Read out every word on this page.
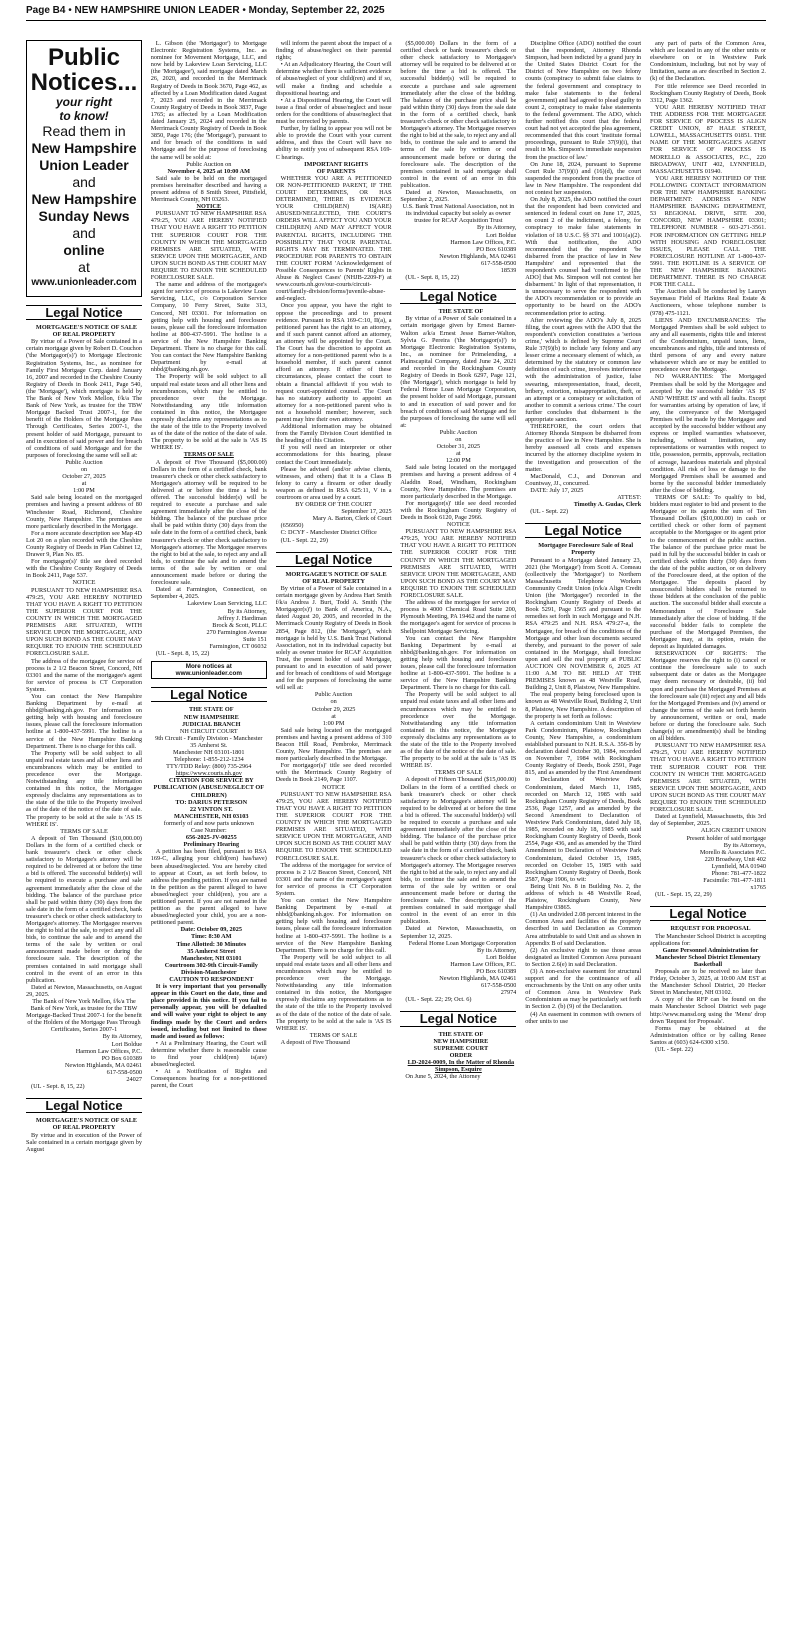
Page B4 • NEW HAMPSHIRE UNION LEADER • Monday, September 22, 2025
Public
Notices...
your right
to know!
Read them in
New Hampshire
Union Leader
and
New Hampshire
Sunday News
and
online
at
www.unionleader.com
Legal Notice

MORTGAGEE'S NOTICE OF SALE OF REAL PROPERTY

By virtue of a Power of Sale contained in a certain mortgage given by Robert D. Couchon ('the Mortgagor(s)') to Mortgage Electronic Registration Systems, Inc., as nominee for Family First Mortgage Corp. dated January 16, 2007 and recorded in the Cheshire County Registry of Deeds in Book 2411, Page 540, (the 'Mortgage'), which mortgage is held by The Bank of New York Mellon, f/k/a The Bank of New York, as trustee for the TBW Mortgage Backed Trust 2007-1, for the benefit of the Holders of the Mortgage Pass Through Certificates, Series 2007-1, the present holder of said Mortgage, pursuant to and in execution of said power and for breach of conditions of said Mortgage and for the purposes of foreclosing the same will sell at:

Public Auction

on

October 27, 2025

at

1:00 PM

Said sale being located on the mortgaged premises and having a present address of 80 Winchester Road, Richmond, Cheshire County, New Hampshire. The premises are more particularly described in the Mortgage.

For a more accurate description see Map 4D Lot 20 on a plan recorded with the Cheshire County Registry of Deeds in Plan Cabinet 12, Drawer 9, Plan No. 85.

For mortgagor(s)' title see deed recorded with the Cheshire County Registry of Deeds in Book 2411, Page 537.

NOTICE

PURSUANT TO NEW HAMPSHIRE RSA 479:25, YOU ARE HEREBY NOTIFIED THAT YOU HAVE A RIGHT TO PETITION THE SUPERIOR COURT FOR THE COUNTY IN WHICH THE MORTGAGED PREMISES ARE SITUATED, WITH SERVICE UPON THE MORTGAGEE, AND UPON SUCH BOND AS THE COURT MAY REQUIRE TO ENJOIN THE SCHEDULED FORECLOSURE SALE.

The address of the mortgagee for service of process is 2 1/2 Beacon Street, Concord, NH 03301 and the name of the mortgagee's agent for service of process is CT Corporation System.

You can contact the New Hampshire Banking Department by e-mail at nhbd@banking.nh.gov. For information on getting help with housing and foreclosure issues, please call the foreclosure information hotline at 1-800-437-5991. The hotline is a service of the New Hampshire Banking Department. There is no charge for this call.

The Property will be sold subject to all unpaid real estate taxes and all other liens and encumbrances which may be entitled to precedence over the Mortgage. Notwithstanding any title information contained in this notice, the Mortgagee expressly disclaims any representations as to the state of the title to the Property involved as of the date of the notice of the date of sale. The property to be sold at the sale is 'AS IS WHERE IS'.

TERMS OF SALE

A deposit of Ten Thousand ($10,000.00) Dollars in the form of a certified check or bank treasurer's check or other check satisfactory to Mortgagee's attorney will be required to be delivered at or before the time a bid is offered. The successful bidder(s) will be required to execute a purchase and sale agreement immediately after the close of the bidding. The balance of the purchase price shall be paid within thirty (30) days from the sale date in the form of a certified check, bank treasurer's check or other check satisfactory to Mortgagee's attorney. The Mortgagee reserves the right to bid at the sale, to reject any and all bids, to continue the sale and to amend the terms of the sale by written or oral announcement made before or during the foreclosure sale. The description of the premises contained in said mortgage shall control in the event of an error in this publication.

Dated at Newton, Massachusetts, on August 29, 2025.

The Bank of New York Mellon, f/k/a The Bank of New York, as trustee for the TBW Mortgage-Backed Trust 2007-1 for the benefit of the Holders of the Mortgage Pass Through Certificates, Series 2007-1

By its Attorney,

Lori Boldue

Harmon Law Offices, P.C.

PO Box 610389

Newton Highlands, MA 02461

617-558-0500

24027

(UL - Sept. 8, 15, 22)

Legal Notice

MORTGAGEE'S NOTICE OF SALE OF REAL PROPERTY

By virtue and in execution of the Power of Sale contained in a certain mortgage given by August

L. Gibson (the 'Mortgagor') to Mortgage Electronic Registration Systems, Inc. as nominee for Movement Mortgage, LLC, and now held by Lakeview Loan Servicing, LLC (the 'Mortgagee'), said mortgage dated March 26, 2020, and recorded in the Merrimack Registry of Deeds in Book 3670, Page 462, as affected by a Loan Modification dated August 7, 2023 and recorded in the Merrimack County Registry of Deeds in Book 3837, Page 1765; as affected by a Loan Modification dated January 25, 2024 and recorded in the Merrimack County Registry of Deeds in Book 3850, Page 176; (the 'Mortgage'), pursuant to and for breach of the conditions in said Mortgage and for the purpose of foreclosing the same will be sold at:

Public Auction on

November 4, 2025 at 10:00 AM

Said sale to be held on the mortgaged premises hereinafter described and having a present address of 8 Smith Street, Pittsfield, Merrimack County, NH 03263.

NOTICE

PURSUANT TO NEW HAMPSHIRE RSA 479:25, YOU ARE HEREBY NOTIFIED THAT YOU HAVE A RIGHT TO PETITION THE SUPERIOR COURT FOR THE COUNTY IN WHICH THE MORTGAGED PREMISES ARE SITUATED, WITH SERVICE UPON THE MORTGAGEE, AND UPON SUCH BOND AS THE COURT MAY REQUIRE TO ENJOIN THE SCHEDULED FORECLOSURE SALE.

The name and address of the mortgagee's agent for service of process is Lakeview Loan Servicing, LLC, c/o Corporation Service Company, 10 Ferry Street, Suite 313, Concord, NH 03301. For information on getting help with housing and foreclosure issues, please call the foreclosure information hotline at 800-437-5991. The hotline is a service of the New Hampshire Banking Department. There is no charge for this call. You can contact the New Hampshire Banking Department by e-mail at nhbd@banking.nh.gov.

The Property will be sold subject to all unpaid real estate taxes and all other liens and encumbrances, which may be entitled to precedence over the Mortgage. Notwithstanding any title information contained in this notice, the Mortgagee expressly disclaims any representations as to the state of the title to the Property involved as of the date of the notice of the date of sale. The property to be sold at the sale is 'AS IS WHERE IS'.

TERMS OF SALE

A deposit of Five Thousand ($5,000.00) Dollars in the form of a certified check, bank treasurer's check or other check satisfactory to Mortgagee's attorney will be required to be delivered at or before the time a bid is offered. The successful bidder(s) will be required to execute a purchase and sale agreement immediately after the close of the bidding. The balance of the purchase price shall be paid within thirty (30) days from the sale date in the form of a certified check, bank treasurer's check or other check satisfactory to Mortgagee's attorney. The Mortgagee reserves the right to bid at the sale, to reject any and all bids, to continue the sale and to amend the terms of the sale by written or oral announcement made before or during the foreclosure sale.

Dated at Farmington, Connecticut, on September 4, 2025.

Lakeview Loan Servicing, LLC

By its Attorney,

Jeffrey J. Hardiman

Brock & Scott, PLLC

270 Farmington Avenue

Suite 151

Farmington, CT 06032

(UL - Sept. 8, 15, 22)

More notices at www.unionleader.com
Legal Notice

THE STATE OF

NEW HAMPSHIRE

JUDICIAL BRANCH

NH CIRCUIT COURT

9th Circuit - Family Division - Manchester

35 Amherst St.

Manchester NH 03101-1801

Telephone: 1-855-212-1234

TTY/TDD Relay: (800) 735-2964

https://www.courts.nh.gov

CITATION FOR SERVICE BY PUBLICATION (ABUSE/NEGLECT OF CHILDREN)

TO: DARIUS PETERSON

22 VINTON ST.

MANCHESTER, NH 03103

formerly of and now parts unknown

Case Number:

656-2025-JV-00255

Preliminary Hearing

A petition has been filed, pursuant to RSA 169-C, alleging your child(ren) has/have) been abused/neglected. You are hereby cited to appear at Court, as set forth below, to address the pending petition. If you are named in the petition as the parent alleged to have abused/neglect your child(ren), you are a petitioned parent. If you are not named in the petition as the parent alleged to have abused/neglected your child, you are a non-petitioned parent.

Date: October 09, 2025

Time: 8:30 AM

Time Allotted: 30 Minutes

35 Amherst Street

Manchester, NH 03101

Courtroom 302-9th Circuit-Family Division-Manchester

CAUTION TO RESPONDENT

It is very important that you personally appear in this Court on the date, time and place provided in this notice. If you fail to personally appear, you will be defaulted and will waive your right to object to any findings made by the Court and orders issued, including but not limited to those made and issued as follows:

• At a Preliminary Hearing, the Court will determine whether there is reasonable cause to find your child(ren) is(are) abused/neglected.

• At a Notification of Rights and Consequences hearing for a non-petitioned parent, the Court

will inform the parent about the impact of a finding of abuse/neglect on their parental rights;

• At an Adjudicatory Hearing, the Court will determine whether there is sufficient evidence of abuse/neglect of your child(ren) and if so, will make a finding and schedule a dispositional hearing; and

• At a Dispositional Hearing, the Court will issue a final order of abuse/neglect and issue orders for the conditions of abuse/neglect that must be corrected by parents.

Further, by failing to appear you will not be able to provide the Court with your current address, and thus the Court will have no ability to notify you of subsequent RSA 169-C hearings.

IMPORTANT RIGHTS

OF PARENTS

WHETHER YOU ARE A PETITIONED OR NON-PETITIONED PARENT, IF THE COURT DETERMINES, OR HAS DETERMINED, THERE IS EVIDENCE YOUR CHILD(REN) IS(ARE) ABUSED/NEGLECTED, THE COURT'S ORDERS WILL AFFECT YOU AND YOUR CHILD(REN) AND MAY AFFECT YOUR PARENTAL RIGHTS, INCLUDING THE POSSIBILITY THAT YOUR PARENTAL RIGHTS MAY BE TERMINATED. THE PROCEDURE FOR PARENTS TO OBTAIN THE COURT FORM 'Acknowledgement of Possible Consequences to Parents' Rights in Abuse & Neglect Cases' (NHJB-2209-F) at www.courts.nh.gov/our-courts/circuit-court/family-division/forms/juvenile-abuse-and-neglect.

Once you appear, you have the right to oppose the proceedings and to present evidence. Pursuant to RSA 169-C:10, II(a), a petitioned parent has the right to an attorney, and if such parent cannot afford an attorney, an attorney will be appointed by the Court. The Court has the discretion to appoint an attorney for a non-petitioned parent who is a household member, if such parent cannot afford an attorney. If either of these circumstances, please contact the court to obtain a financial affidavit if you wish to request court-appointed counsel. The Court has no statutory authority to appoint an attorney for a non-petitioned parent who is not a household member; however, such parent may hire their own attorney.

Additional information may be obtained from the Family Division Court identified in the heading of this Citation.

If you will need an interpreter or other accommodations for this hearing, please contact the Court immediately.

Please be advised (and/or advise clients, witnesses, and others) that it is a Class B felony to carry a firearm or other deadly weapon as defined in RSA 625:11, V in a courtroom or area used by a court.

BY ORDER OF THE COURT

September 17, 2025

Mary A. Barton, Clerk of Court

(656950)

C: DCYF - Manchester District Office

(UL - Sept. 22, 29)

Legal Notice

MORTGAGEE'S NOTICE OF SALE OF REAL PROPERTY

By virtue of a Power of Sale contained in a certain mortgage given by Andrea Hart Smith f/k/a Andrea J. Burt, Todd A. Smith ('the Mortgagor(s)') to Bank of America, N.A., dated August 20, 2005, and recorded in the Merrimack County Registry of Deeds in Book 2854, Page 812, (the 'Mortgage'), which mortgage is held by U.S. Bank Trust National Association, not in its individual capacity but solely as owner trustee for RCAF Acquisition Trust, the present holder of said Mortgage, pursuant to and in execution of said power and for breach of conditions of said Mortgage and for the purposes of foreclosing the same will sell at:

Public Auction

on

October 29, 2025

at

1:00 PM

Said sale being located on the mortgaged premises and having a present address of 310 Beacon Hill Road, Pembroke, Merrimack County, New Hampshire. The premises are more particularly described in the Mortgage.

For mortgagor(s)' title see deed recorded with the Merrimack County Registry of Deeds in Book 2149, Page 1107.

NOTICE

PURSUANT TO NEW HAMPSHIRE RSA 479:25, YOU ARE HEREBY NOTIFIED THAT YOU HAVE A RIGHT TO PETITION THE SUPERIOR COURT FOR THE COUNTY IN WHICH THE MORTGAGED PREMISES ARE SITUATED, WITH SERVICE UPON THE MORTGAGEE, AND UPON SUCH BOND AS THE COURT MAY REQUIRE TO ENJOIN THE SCHEDULED FORECLOSURE SALE.

The address of the mortgagee for service of process is 2 1/2 Beacon Street, Concord, NH 03301 and the name of the mortgagee's agent for service of process is CT Corporation System.

You can contact the New Hampshire Banking Department by e-mail at nhbd@banking.nh.gov. For information on getting help with housing and foreclosure issues, please call the foreclosure information hotline at 1-800-437-5991. The hotline is a service of the New Hampshire Banking Department. There is no charge for this call.

The Property will be sold subject to all unpaid real estate taxes and all other liens and encumbrances which may be entitled to precedence over the Mortgage. Notwithstanding any title information contained in this notice, the Mortgagee expressly disclaims any representations as to the state of the title to the Property involved as of the date of the notice of the date of sale. The property to be sold at the sale is 'AS IS WHERE IS'.

TERMS OF SALE

A deposit of Five Thousand

($5,000.00) Dollars in the form of a certified check or bank treasurer's check or other check satisfactory to Mortgagee's attorney will be required to be delivered at or before the time a bid is offered. The successful bidder(s) will be required to execute a purchase and sale agreement immediately after the close of the bidding. The balance of the purchase price shall be paid within thirty (30) days from the sale date in the form of a certified check, bank treasurer's check or other check satisfactory to Mortgagee's attorney. The Mortgagee reserves the right to bid at the sale, to reject any and all bids, to continue the sale and to amend the terms of the sale by written or oral announcement made before or during the foreclosure sale. The description of the premises contained in said mortgage shall control in the event of an error in this publication.

Dated at Newton, Massachusetts, on September 2, 2025.

U.S. Bank Trust National Association, not in its individual capacity but solely as owner trustee for RCAF Acquisition Trust

By its Attorney,

Lori Boldue

Harmon Law Offices, P.C.

PO Box 610389

Newton Highlands, MA 02461

617-558-0500

18539

(UL - Sept. 8, 15, 22)

Legal Notice

THE STATE OF

By virtue of a Power of Sale contained in a certain mortgage given by Ernest Barner-Walton a/k/a Ernest Jesse Barner-Walton, Sylvia G. Pereira ('the Mortgagor(s)') to Mortgage Electronic Registration Systems, Inc., as nominee for Primelending, a Plainscapital Company, dated June 24, 2021 and recorded in the Rockingham County Registry of Deeds in Book 6297, Page 121, (the 'Mortgage'), which mortgage is held by Federal Home Loan Mortgage Corporation, the present holder of said Mortgage, pursuant to and in execution of said power and for breach of conditions of said Mortgage and for the purposes of foreclosing the same will sell at:

Public Auction

on

October 31, 2025

at

12:00 PM

Said sale being located on the mortgaged premises and having a present address of 4 Aladdin Road, Windham, Rockingham County, New Hampshire. The premises are more particularly described in the Mortgage.

For mortgagor(s)' title see deed recorded with the Rockingham County Registry of Deeds in Book 6120, Page 2966.

NOTICE

PURSUANT TO NEW HAMPSHIRE RSA 479:25, YOU ARE HEREBY NOTIFIED THAT YOU HAVE A RIGHT TO PETITION THE SUPERIOR COURT FOR THE COUNTY IN WHICH THE MORTGAGED PREMISES ARE SITUATED, WITH SERVICE UPON THE MORTGAGEE, AND UPON SUCH BOND AS THE COURT MAY REQUIRE TO ENJOIN THE SCHEDULED FORECLOSURE SALE.

The address of the mortgagee for service of process is 4000 Chemical Road Suite 200, Plymouth Meeting, PA 19462 and the name of the mortgagee's agent for service of process is Shellpoint Mortgage Servicing.

You can contact the New Hampshire Banking Department by e-mail at nhbd@banking.nh.gov. For information on getting help with housing and foreclosure issues, please call the foreclosure information hotline at 1-800-437-5991. The hotline is a service of the New Hampshire Banking Department. There is no charge for this call.

The Property will be sold subject to all unpaid real estate taxes and all other liens and encumbrances which may be entitled to precedence over the Mortgage. Notwithstanding any title information contained in this notice, the Mortgagee expressly disclaims any representations as to the state of the title to the Property involved as of the date of the notice of the date of sale. The property to be sold at the sale is 'AS IS WHERE IS'.

TERMS OF SALE

A deposit of Fifteen Thousand ($15,000.00) Dollars in the form of a certified check or bank treasurer's check or other check satisfactory to Mortgagee's attorney will be required to be delivered at or before the time a bid is offered. The successful bidder(s) will be required to execute a purchase and sale agreement immediately after the close of the bidding. The balance of the purchase price shall be paid within thirty (30) days from the sale date in the form of a certified check, bank treasurer's check or other check satisfactory to Mortgagee's attorney. The Mortgagee reserves the right to bid at the sale, to reject any and all bids, to continue the sale and to amend the terms of the sale by written or oral announcement made before or during the foreclosure sale. The description of the premises contained in said mortgage shall control in the event of an error in this publication.

Dated at Newton, Massachusetts, on September 12, 2025.

Federal Home Loan Mortgage Corporation

By its Attorney,

Lori Boldue

Harmon Law Offices, P.C.

PO Box 610389

Newton Highlands, MA 02461

617-558-0500

27974

(UL - Sept. 22; 29; Oct. 6)

Legal Notice

THE STATE OF

NEW HAMPSHIRE

SUPREME COURT

ORDER

LD-2024-0009, In the Matter of Rhonda Simpson, Esquire

On June 5, 2024, the Attorney

Discipline Office (ADO) notified the court that the respondent, Attorney Rhonda Simpson, had been indicted by a grand jury in the United States District Court for the District of New Hampshire on two felony counts (conspiracy to submit false claims to the federal government and conspiracy to make false statements to the federal government) and had agreed to plead guilty to count 2, conspiracy to make false statements to the federal government. The ADO, which further notified this court that the federal court had not yet accepted the plea agreement, recommended that this court 'institute formal proceedings, pursuant to Rule 37(9)(i), that result in Ms. Simpson's immediate suspension from the practice of law.'

On June 18, 2024, pursuant to Supreme Court Rule 37(9)(i) and (16)(d), the court suspended the respondent from the practice of law in New Hampshire. The respondent did not contest her suspension.

On July 8, 2025, the ADO notified the court that the respondent had been convicted and sentenced in federal court on June 17, 2025, on count 2 of the indictment, a felony, for conspiracy to make false statements in violation of 18 U.S.C. §§ 371 and 1001(a)(2). With that notification, the ADO recommended that the respondent 'be disbarred from the practice of law in New Hampshire' and represented that the respondent's counsel had 'confirmed to [the ADO] that Ms. Simpson will not contest her disbarment.' In light of that representation, it is unnecessary to serve the respondent with the ADO's recommendation or to provide an opportunity to be heard on the ADO's recommendation prior to acting.

After reviewing the ADO's July 8, 2025 filing, the court agrees with the ADO that the respondent's conviction constitutes a 'serious crime,' which is defined by Supreme Court Rule 37(9)(b) to include 'any felony and any lesser crime a necessary element of which, as determined by the statutory or common law definition of such crime, involves interference with the administration of justice, false swearing, misrepresentation, fraud, deceit, bribery, extortion, misappropriation, theft, or an attempt or a conspiracy or solicitation of another to commit a serious crime.' The court further concludes that disbarment is the appropriate sanction.

THEREFORE, the court orders that Attorney Rhonda Simpson be disbarred from the practice of law in New Hampshire. She is hereby assessed all costs and expenses incurred by the attorney discipline system in the investigation and prosecution of the matter.

MacDonald, C.J., and Donovan and Countway, JJ., concurred.

DATE: July 17, 2025

ATTEST:

Timothy A. Gudas, Clerk

(UL - Sept. 22)

Legal Notice

Mortgagee Foreclosure Sale of Real Property

Pursuant to a Mortgage dated January 23, 2021 (the 'Mortgage') from Scott A. Comeau (collectively the 'Mortgagor') to Northern Massachusetts Telephone Workers Community Credit Union (n/k/a Align Credit Union (the 'Mortgagee') recorded in the Rockingham County Registry of Deeds at Book 5291, Page 1565 and pursuant to the remedies set forth in such Mortgage and N.H. RSA 479:25 and N.H. RSA 479:27-a, the Mortgagee, for breach of the conditions of the Mortgage and other loan documents secured thereby, and pursuant to the power of sale contained in the Mortgage, shall foreclose upon and sell the real property at PUBLIC AUCTION ON NOVEMBER 6, 2025 AT 11:00 A.M TO BE HELD AT THE PREMISES known as 48 Westville Road, Building 2, Unit 8, Plaistow, New Hampshire.

The real property being foreclosed upon is known as 48 Westville Road, Building 2, Unit 8, Plaistow, New Hampshire. A description of the property is set forth as follows:

A certain condominium Unit in Westview Park Condominium, Plaistow, Rockingham County, New Hampshire, a condominium established pursuant to N.H. R.S.A. 356-B by declaration dated October 30, 1984, recorded on November 7, 1984 with Rockingham County Registry of Deeds, Book 2591, Page 815, and as amended by the First Amendment to Declaration of Westview Park Condominium, dated March 11, 1985, recorded on March 12, 1985 with said Rockingham County Registry of Deeds, Book 2536, Page 1257, and as amended by the Second Amendment to Declaration of Westview Park Condominium, dated July 18, 1985, recorded on July 18, 1985 with said Rockingham County Registry of Deeds, Book 2554, Page 436, and as amended by the Third Amendment to Declaration of Westview Park Condominium, dated October 15, 1985, recorded on October 15, 1985 with said Rockingham County Registry of Deeds, Book 2587, Page 1906, to wit:

Being Unit No. 8 in Building No. 2, the address of which is 48 Westville Road, Plaistow, Rockingham County, New Hampshire 03865.

(1) An undivided 2.08 percent interest in the Common Area and facilities of the property described in said Declaration as Common Area attributable to said Unit and as shown in Appendix B of said Declaration.

(2) An exclusive right to use those areas designated as limited Common Area pursuant to Section 2.6(e) in said Declaration.

(3) A non-exclusive easement for structural support and for the continuance of all encroachments by the Unit on any other units of Common Area in Westview Park Condominium as may be particularly set forth in Section 2. (b) (9) of the Declaration.

(4) An easement in common with owners of other units to use

any part of parts of the Common Area, which are located in any of the other units or elsewhere on or in Westview Park Condominium, including, but not by way of limitation, same as are described in Section 2.(k) of the Declaration.

For title reference see Deed recorded in Rockingham County Registry of Deeds, Book 3312, Page 1362.

YOU ARE HEREBY NOTIFIED THAT THE ADDRESS FOR THE MORTGAGEE FOR SERVICE OF PROCESS IS ALIGN CREDIT UNION, 87 HALE STREET, LOWELL, MASSACHUSETTS 01851. THE NAME OF THE MORTGAGEE'S AGENT FOR SERVICE OF PROCESS IS MORELLO & ASSOCIATES, P.C., 220 BROADWAY, UNIT 402, LYNNFIELD, MASSACHUSETTS 01940.

YOU ARE HEREBY NOTIFIED OF THE FOLLOWING CONTACT INFORMATION FOR THE NEW HAMPSHIRE BANKING DEPARTMENT: ADDRESS - NEW HAMPSHIRE BANKING DEPARTMENT, 53 REGIONAL DRIVE, SITE 200, CONCORD, NEW HAMPSHIRE 03301; TELEPHONE NUMBER - 603-271-3561. FOR INFORMATION ON GETTING HELP WITH HOUSING AND FORECLOSURE ISSUES, PLEASE CALL THE FORECLOSURE HOTLINE AT 1-800-437-5991. THE HOTLINE IS A SERVICE OF THE NEW HAMPSHIRE BANKING DEPARTMENT. THERE IS NO CHARGE FOR THE CALL.

The Auction shall be conducted by Lauryn Suyemasu Field of Harkins Real Estate & Auctioneers, whose telephone number is (978) 475-1121.

LIENS AND ENCUMBRANCES: The Mortgaged Premises shall be sold subject to any and all easements, rights title and interest of the Condominium, unpaid taxes, liens, encumbrances and rights, title and interests of third persons of any and every nature whatsoever which are or may be entitled to precedence over the Mortgage.

NO WARRANTIES: The Mortgaged Premises shall be sold by the Mortgagee and accepted by the successful bidder 'AS IS' AND 'WHERE IS' and with all faults. Except for warranties arising by operation of law, if any, the conveyance of the Mortgaged Premises will be made by the Mortgagee and accepted by the successful bidder without any express or implied warranties whatsoever, including, without limitation, any representations or warranties with respect to title, possession, permits, approvals, recitation of acreage, hazardous materials and physical condition. All risk of loss or damage to the Mortgaged Premises shall be assumed and borne by the successful bidder immediately after the close of bidding.

TERMS OF SALE: To qualify to bid, bidders must register to bid and present to the Mortgagee or its agents the sum of Ten Thousand Dollars ($10,000.00) in cash or certified check or other form of payment acceptable to the Mortgagee or its agent prior to the commencement of the public auction. The balance of the purchase price must be paid in full by the successful bidder in cash or certified check within thirty (30) days from the date of the public auction, or on delivery of the Foreclosure deed, at the option of the Mortgagee. The deposits placed by unsuccessful bidders shall be returned to those bidders at the conclusion of the public auction. The successful bidder shall execute a Memorandum of Foreclosure Sale immediately after the close of bidding. If the successful bidder fails to complete the purchase of the Mortgaged Premises, the Mortgagee may, at its option, retain the deposit as liquidated damages.

RESERVATION OF RIGHTS: The Mortgagee reserves the right to (i) cancel or continue the foreclosure sale to such subsequent date or dates as the Mortgagee may deem necessary or desirable, (ii) bid upon and purchase the Mortgaged Premises at the foreclosure sale (iii) reject any and all bids for the Mortgaged Premises and (iv) amend or change the terms of the sale set forth herein by announcement, written or oral, made before or during the foreclosure sale. Such change(s) or amendment(s) shall be binding on all bidders.

PURSUANT TO NEW HAMPSHIRE RSA 479:25, YOU ARE HEREBY NOTIFIED THAT YOU HAVE A RIGHT TO PETITION THE SUPERIOR COURT FOR THE COUNTY IN WHICH THE MORTGAGED PREMISES ARE SITUATED, WITH SERVICE UPON THE MORTGAGEE, AND UPON SUCH BOND AS THE COURT MAY REQUIRE TO ENJOIN THE SCHEDULED FORECLOSURE SALE.

Dated at Lynnfield, Massachusetts, this 3rd day of September, 2025.

ALIGN CREDIT UNION

Present holder of said mortgage

By its Attorneys,

Morello & Associates P.C.

220 Broadway, Unit 402

Lynnfield, MA 01940

Phone: 781-477-1822

Facsimile: 781-477-1811

x1765

(UL - Sept. 15, 22, 29)

Legal Notice

REQUEST FOR PROPOSAL

The Manchester School District is accepting applications for:

Game Personnel Administration for Manchester School District Elementary Basketball

Proposals are to be received no later than Friday, October 3, 2025, at 10:00 AM EST at the Manchester School District, 20 Hecker Street in Manchester, NH 03102.

A copy of the RFP can be found on the main Manchester School District web page http://www.mansd.org using the 'Menu' drop down 'Request for Proposals'.

Forms may be obtained at the Administration office or by calling Renee Santos at (603) 624-6300 x150.

(UL - Sept. 22)
